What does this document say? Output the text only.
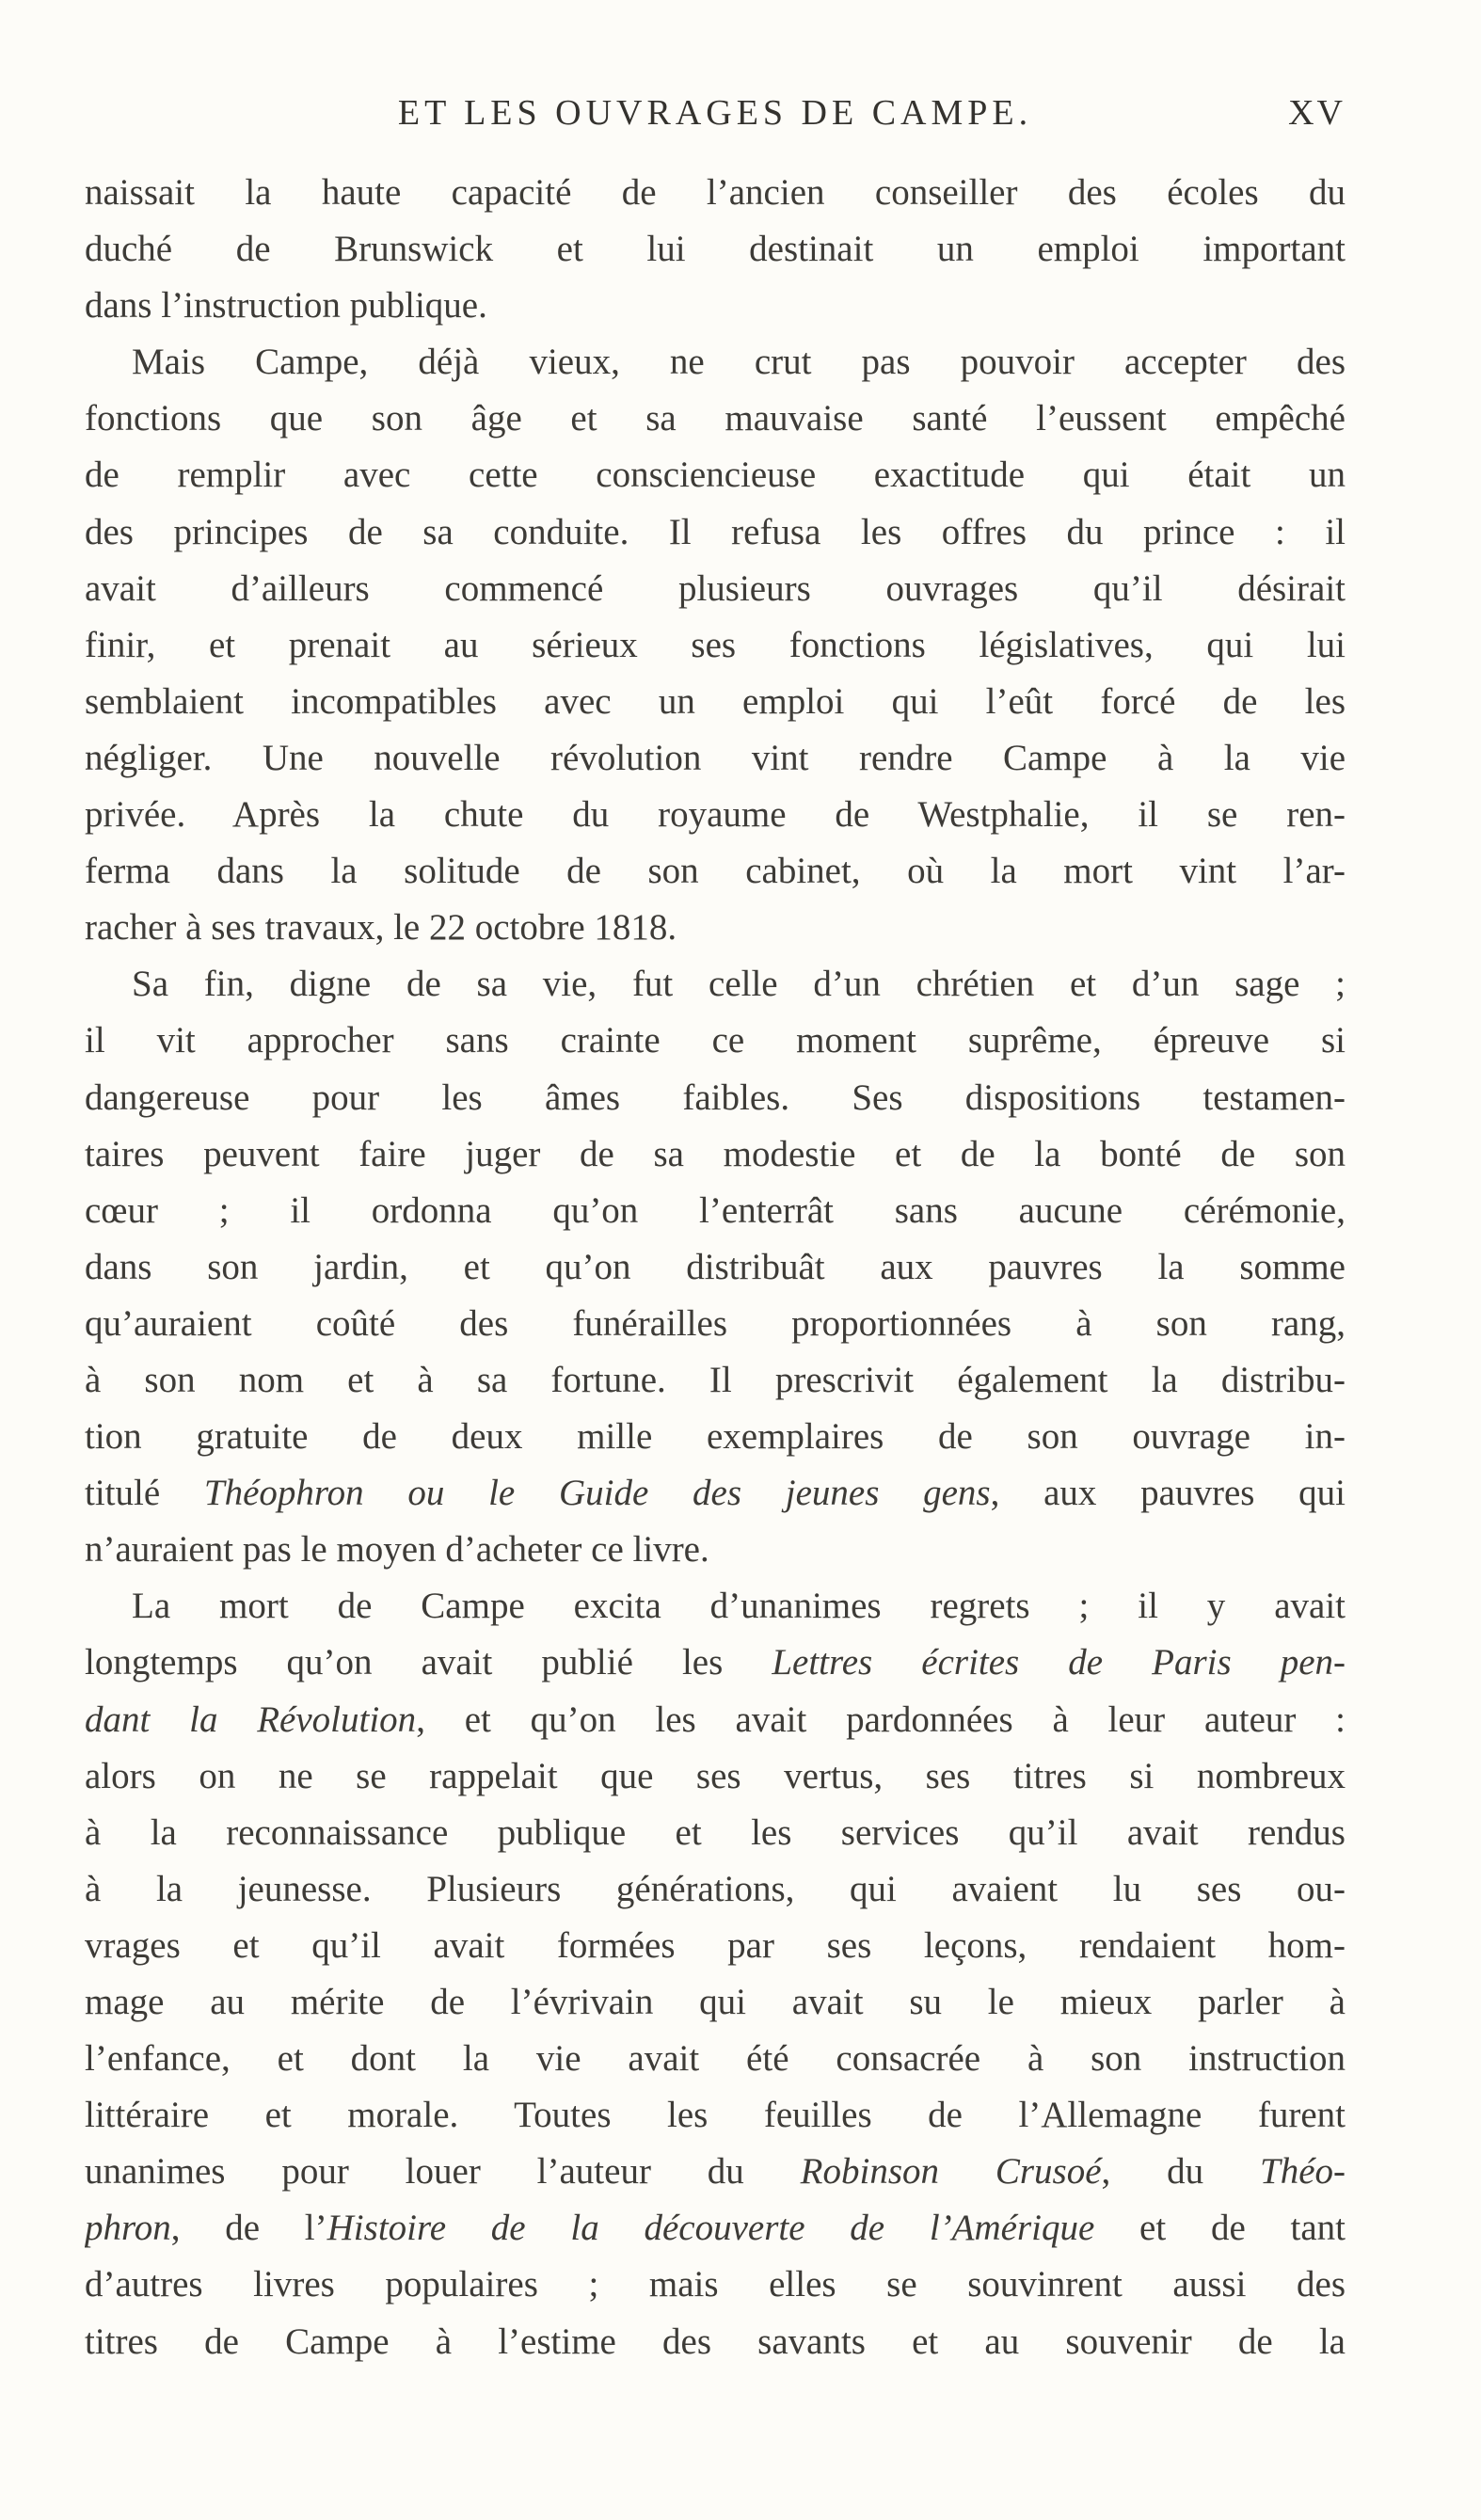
ET LES OUVRAGES DE CAMPE.	XV
naissait la haute capacité de l’ancien conseiller des écoles du
duché de Brunswick et lui destinait un emploi important
dans l’instruction publique.
Mais Campe, déjà vieux, ne crut pas pouvoir accepter des
fonctions que son âge et sa mauvaise santé l’eussent empêché
de remplir avec cette consciencieuse exactitude qui était un
des principes de sa conduite. Il refusa les offres du prince : il
avait d’ailleurs commencé plusieurs ouvrages qu’il désirait
finir, et prenait au sérieux ses fonctions législatives, qui lui
semblaient incompatibles avec un emploi qui l’eût forcé de les
négliger. Une nouvelle révolution vint rendre Campe à la vie
privée. Après la chute du royaume de Westphalie, il se ren-
ferma dans la solitude de son cabinet, où la mort vint l’ar-
racher à ses travaux, le 22 octobre 1818.
Sa fin, digne de sa vie, fut celle d’un chrétien et d’un sage ;
il vit approcher sans crainte ce moment suprême, épreuve si
dangereuse pour les âmes faibles. Ses dispositions testamen-
taires peuvent faire juger de sa modestie et de la bonté de son
cœur ; il ordonna qu’on l’enterrât sans aucune cérémonie,
dans son jardin, et qu’on distribuât aux pauvres la somme
qu’auraient coûté des funérailles proportionnées à son rang,
à son nom et à sa fortune. Il prescrivit également la distribu-
tion gratuite de deux mille exemplaires de son ouvrage in-
titulé Théophron ou le Guide des jeunes gens, aux pauvres qui
n’auraient pas le moyen d’acheter ce livre.
La mort de Campe excita d’unanimes regrets ; il y avait
longtemps qu’on avait publié les Lettres écrites de Paris pen-
dant la Révolution, et qu’on les avait pardonnées à leur auteur :
alors on ne se rappelait que ses vertus, ses titres si nombreux
à la reconnaissance publique et les services qu’il avait rendus
à la jeunesse. Plusieurs générations, qui avaient lu ses ou-
vrages et qu’il avait formées par ses leçons, rendaient hom-
mage au mérite de l’évrivain qui avait su le mieux parler à
l’enfance, et dont la vie avait été consacrée à son instruction
littéraire et morale. Toutes les feuilles de l’Allemagne furent
unanimes pour louer l’auteur du Robinson Crusoé, du Théo-
phron, de l’Histoire de la découverte de l’Amérique et de tant
d’autres livres populaires ; mais elles se souvinrent aussi des
titres de Campe à l’estime des savants et au souvenir de la
